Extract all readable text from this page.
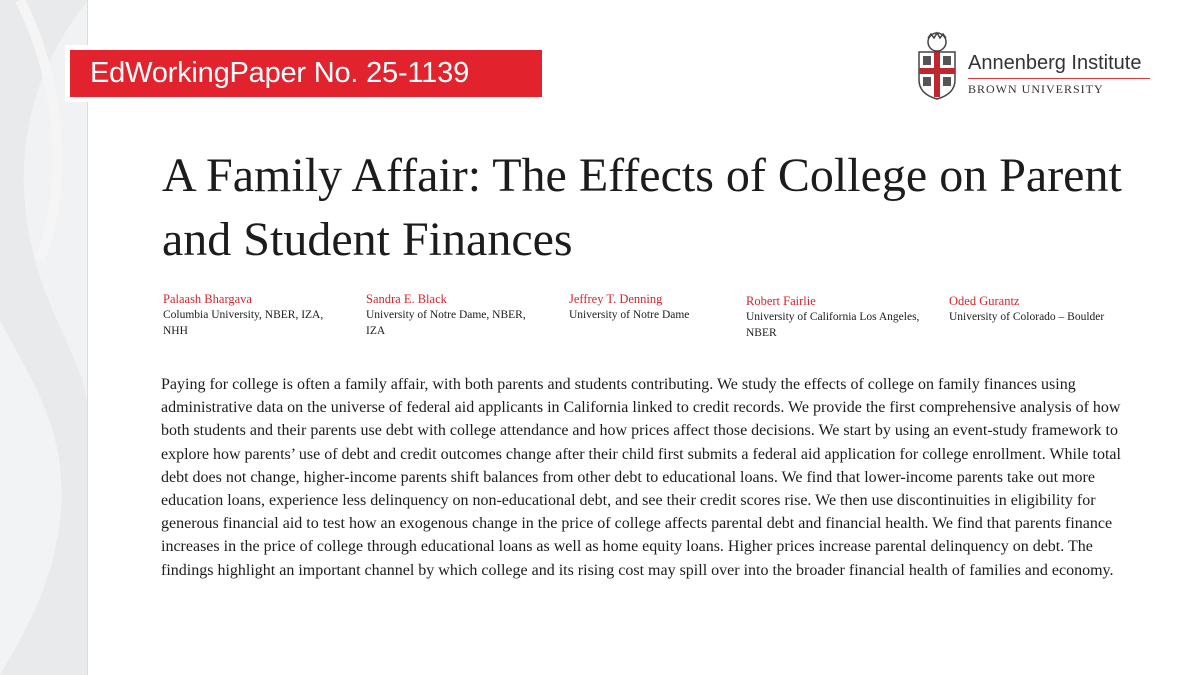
EdWorkingPaper No. 25-1139	Annenberg Institute
BROWN UNIVERSITY
A Family Affair: The Effects of College on Parent and Student Finances
Palaash Bhargava
Columbia University, NBER, IZA, NHH
Sandra E. Black
University of Notre Dame, NBER, IZA
Jeffrey T. Denning
University of Notre Dame
Robert Fairlie
University of California Los Angeles, NBER
Oded Gurantz
University of Colorado – Boulder

Paying for college is often a family affair, with both parents and students contributing. We study the effects of college on family finances using administrative data on the universe of federal aid applicants in California linked to credit records. We provide the first comprehensive analysis of how both students and their parents use debt with college attendance and how prices affect those decisions. We start by using an event-study framework to explore how parents’ use of debt and credit outcomes change after their child first submits a federal aid application for college enrollment. While total debt does not change, higher-income parents shift balances from other debt to educational loans. We find that lower-income parents take out more education loans, experience less delinquency on non-educational debt, and see their credit scores rise. We then use discontinuities in eligibility for generous financial aid to test how an exogenous change in the price of college affects parental debt and financial health. We find that parents finance increases in the price of college through educational loans as well as home equity loans. Higher prices increase parental delinquency on debt. The findings highlight an important channel by which college and its rising cost may spill over into the broader financial health of families and economy.
